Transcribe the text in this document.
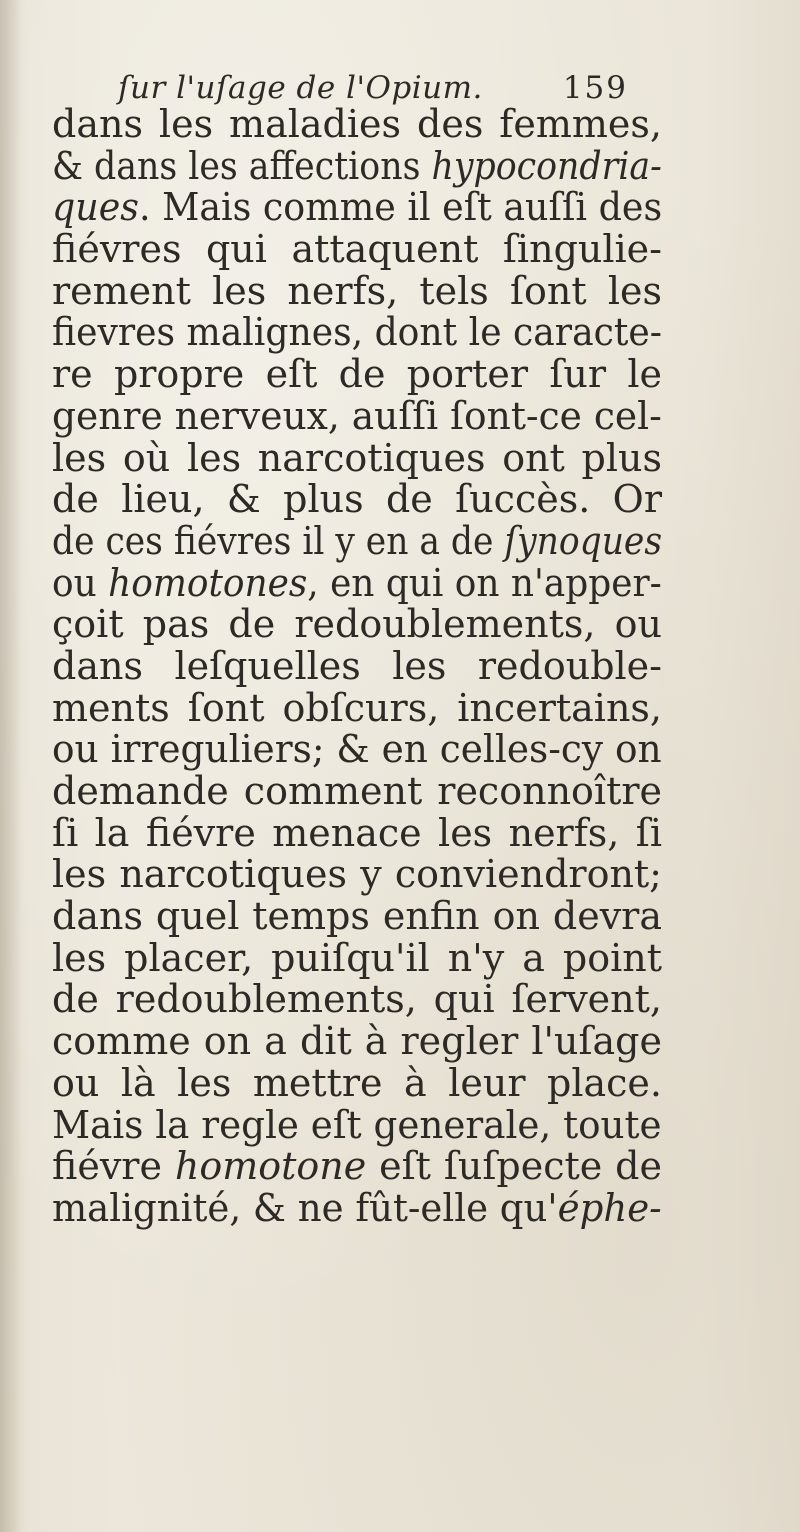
ſur l'uſage de l'Opium.	159
dans les maladies des femmes,
& dans les affections hypocondria-
ques. Mais comme il eſt auſſi des
fiévres qui attaquent ſingulie-
rement les nerfs, tels ſont les
fievres malignes, dont le caracte-
re propre eſt de porter ſur le
genre nerveux, auſſi ſont-ce cel-
les où les narcotiques ont plus
de lieu, & plus de ſuccès. Or
de ces fiévres il y en a de ſynoques
ou homotones, en qui on n'apper-
çoit pas de redoublements, ou
dans leſquelles les redouble-
ments ſont obſcurs, incertains,
ou irreguliers; & en celles-cy on
demande comment reconnoître
ſi la fiévre menace les nerfs, ſi
les narcotiques y conviendront;
dans quel temps enfin on devra
les placer, puiſqu'il n'y a point
de redoublements, qui ſervent,
comme on a dit à regler l'uſage
ou là les mettre à leur place.
Mais la regle eſt generale, toute
fiévre homotone eſt ſuſpecte de
malignité, & ne fût-elle qu'éphe-
